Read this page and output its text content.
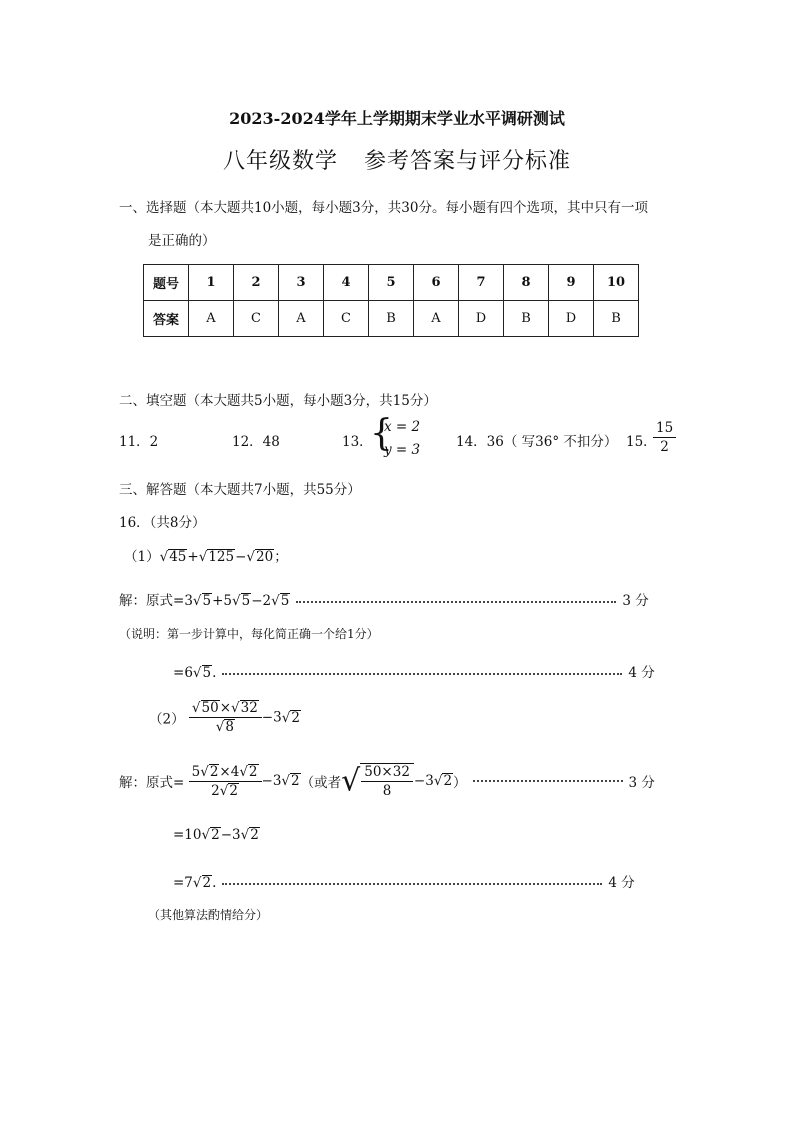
2023-2024学年上学期期末学业水平调研测试
八年级数学 参考答案与评分标准
一、选择题（本大题共10小题，每小题3分，共30分。每小题有四个选项，其中只有一项
是正确的）
题号	1	2	3	4	5	6	7	8	9	10
答案	A	C	A	C	B	A	D	B	D	B
二、填空题（本大题共5小题，每小题3分，共15分）
11．2	12．48	13．
{
x = 2
y = 3	14．36（ 写36° 不扣分） 15．
$\frac{15}{2}$
三、解答题（本大题共7小题，共55分）
16．（共8分）
（1）√45+√125−√20；
解：原式=3√5+5√5−2√5	3 分
（说明：第一步计算中，每化简正确一个给1分）
=6√5.	4 分
$(2) \frac{√50\times√32}{√8} -3√2$
解：原式= $\frac{5√2\times 4√2}{2√2} -3√2$（或者√ $\frac{50\times 32}{8} -3√2$）	3 分
=10√2−3√2
=7√2.	4 分
（其他算法酌情给分）
